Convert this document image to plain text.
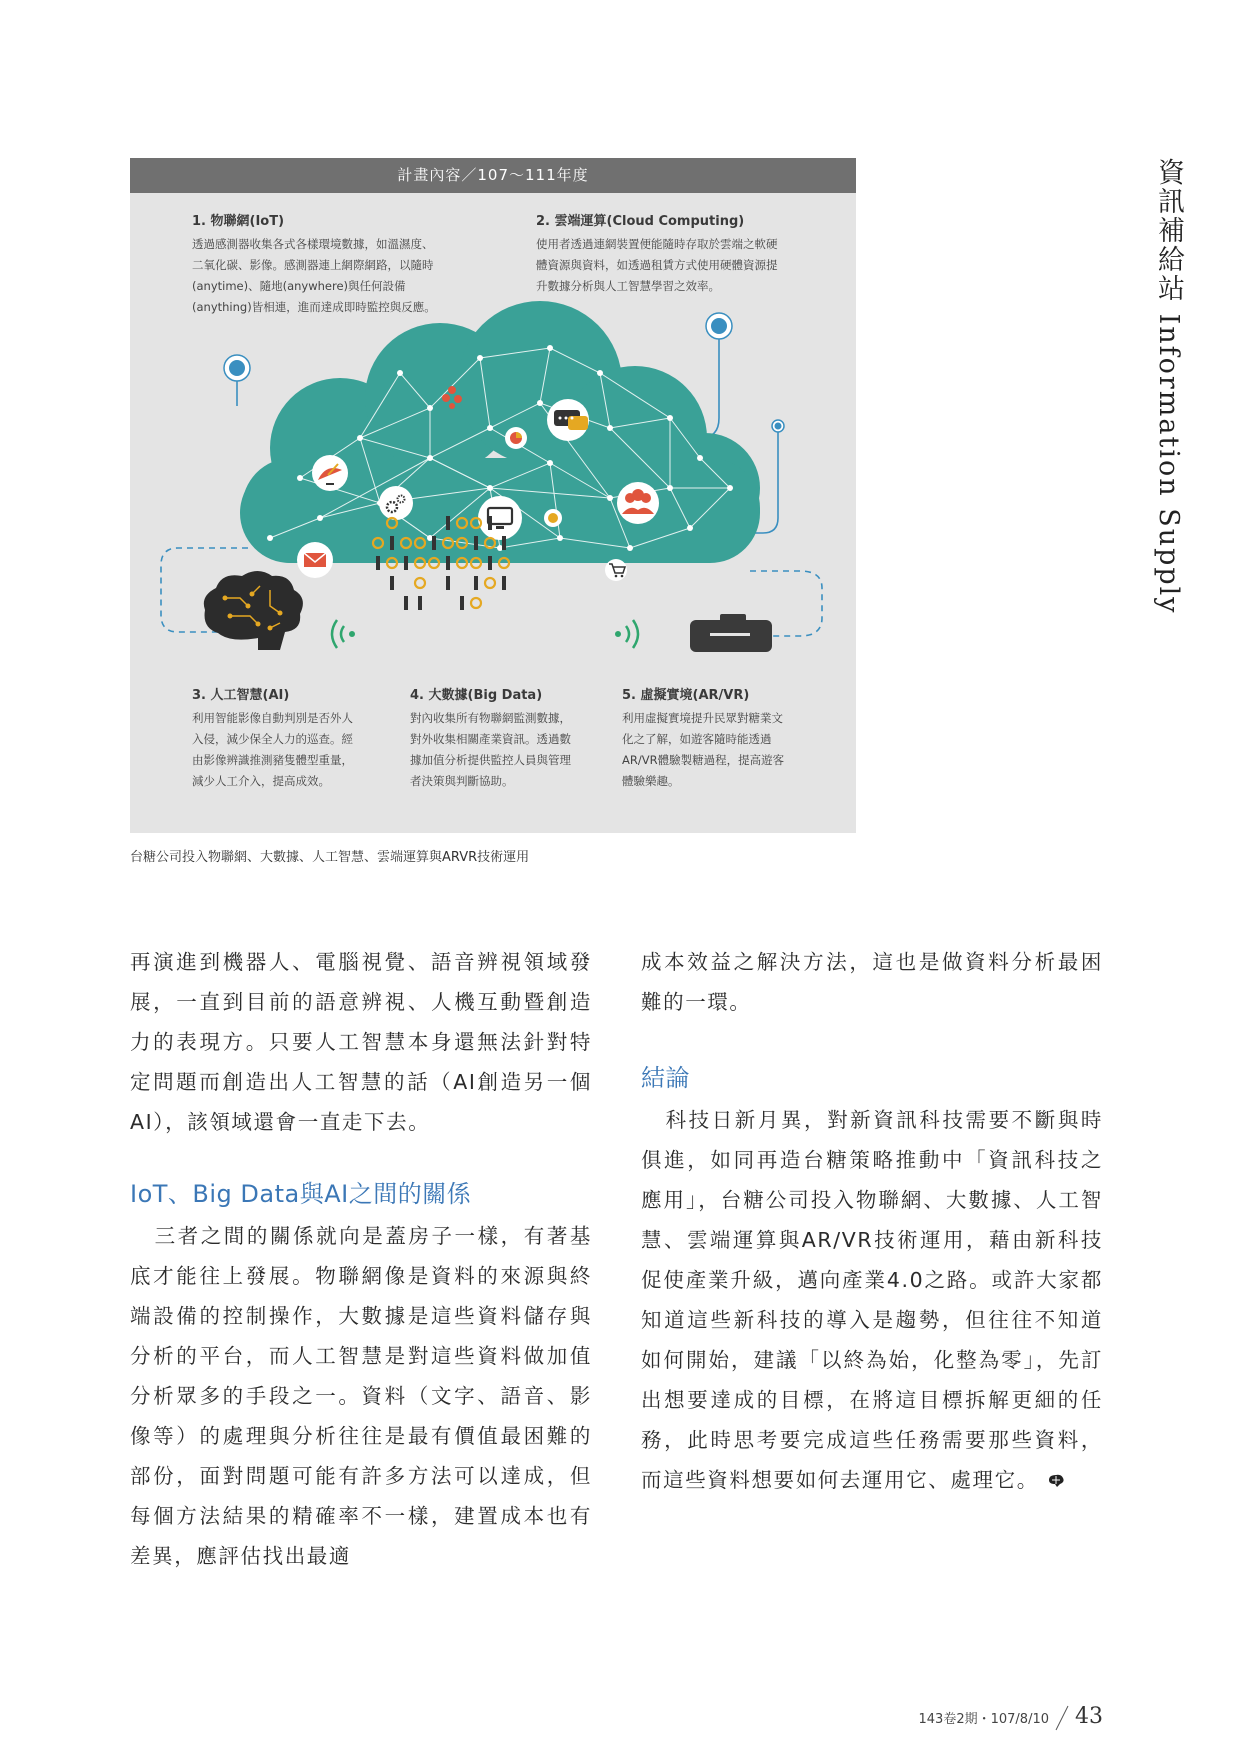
資訊補給站 Information Supply
計畫內容／107～111年度
1. 物聯網(IoT)
透過感測器收集各式各樣環境數據，如溫濕度、二氧化碳、影像。感測器連上網際網路，以隨時(anytime)、隨地(anywhere)與任何設備(anything)皆相連，進而達成即時監控與反應。
2. 雲端運算(Cloud Computing)
使用者透過連網裝置便能隨時存取於雲端之軟硬體資源與資料，如透過租賃方式使用硬體資源提升數據分析與人工智慧學習之效率。
3. 人工智慧(AI)
利用智能影像自動判別是否外人入侵，減少保全人力的巡查。經由影像辨識推測豬隻體型重量，減少人工介入，提高成效。
4. 大數據(Big Data)
對內收集所有物聯網監測數據，對外收集相關產業資訊。透過數據加值分析提供監控人員與管理者決策與判斷協助。
5. 虛擬實境(AR/VR)
利用虛擬實境提升民眾對糖業文化之了解，如遊客隨時能透過AR/VR體驗製糖過程，提高遊客體驗樂趣。
台糖公司投入物聯網、大數據、人工智慧、雲端運算與ARVR技術運用

再演進到機器人、電腦視覺、語音辨視領域發展，一直到目前的語意辨視、人機互動暨創造力的表現方。只要人工智慧本身還無法針對特定問題而創造出人工智慧的話（AI創造另一個AI），該領域還會一直走下去。

IoT、Big Data與AI之間的關係

三者之間的關係就向是蓋房子一樣，有著基底才能往上發展。物聯網像是資料的來源與終端設備的控制操作，大數據是這些資料儲存與分析的平台，而人工智慧是對這些資料做加值分析眾多的手段之一。資料（文字、語音、影像等）的處理與分析往往是最有價值最困難的部份，面對問題可能有許多方法可以達成，但每個方法結果的精確率不一樣，建置成本也有差異，應評估找出最適

成本效益之解決方法，這也是做資料分析最困難的一環。

結論

科技日新月異，對新資訊科技需要不斷與時俱進，如同再造台糖策略推動中「資訊科技之應用」，台糖公司投入物聯網、大數據、人工智慧、雲端運算與AR/VR技術運用，藉由新科技促使產業升級，邁向產業4.0之路。或許大家都知道這些新科技的導入是趨勢，但往往不知道如何開始，建議「以終為始，化整為零」，先訂出想要達成的目標，在將這目標拆解更細的任務，此時思考要完成這些任務需要那些資料，而這些資料想要如何去運用它、處理它。

143卷2期・107/8/10 43
